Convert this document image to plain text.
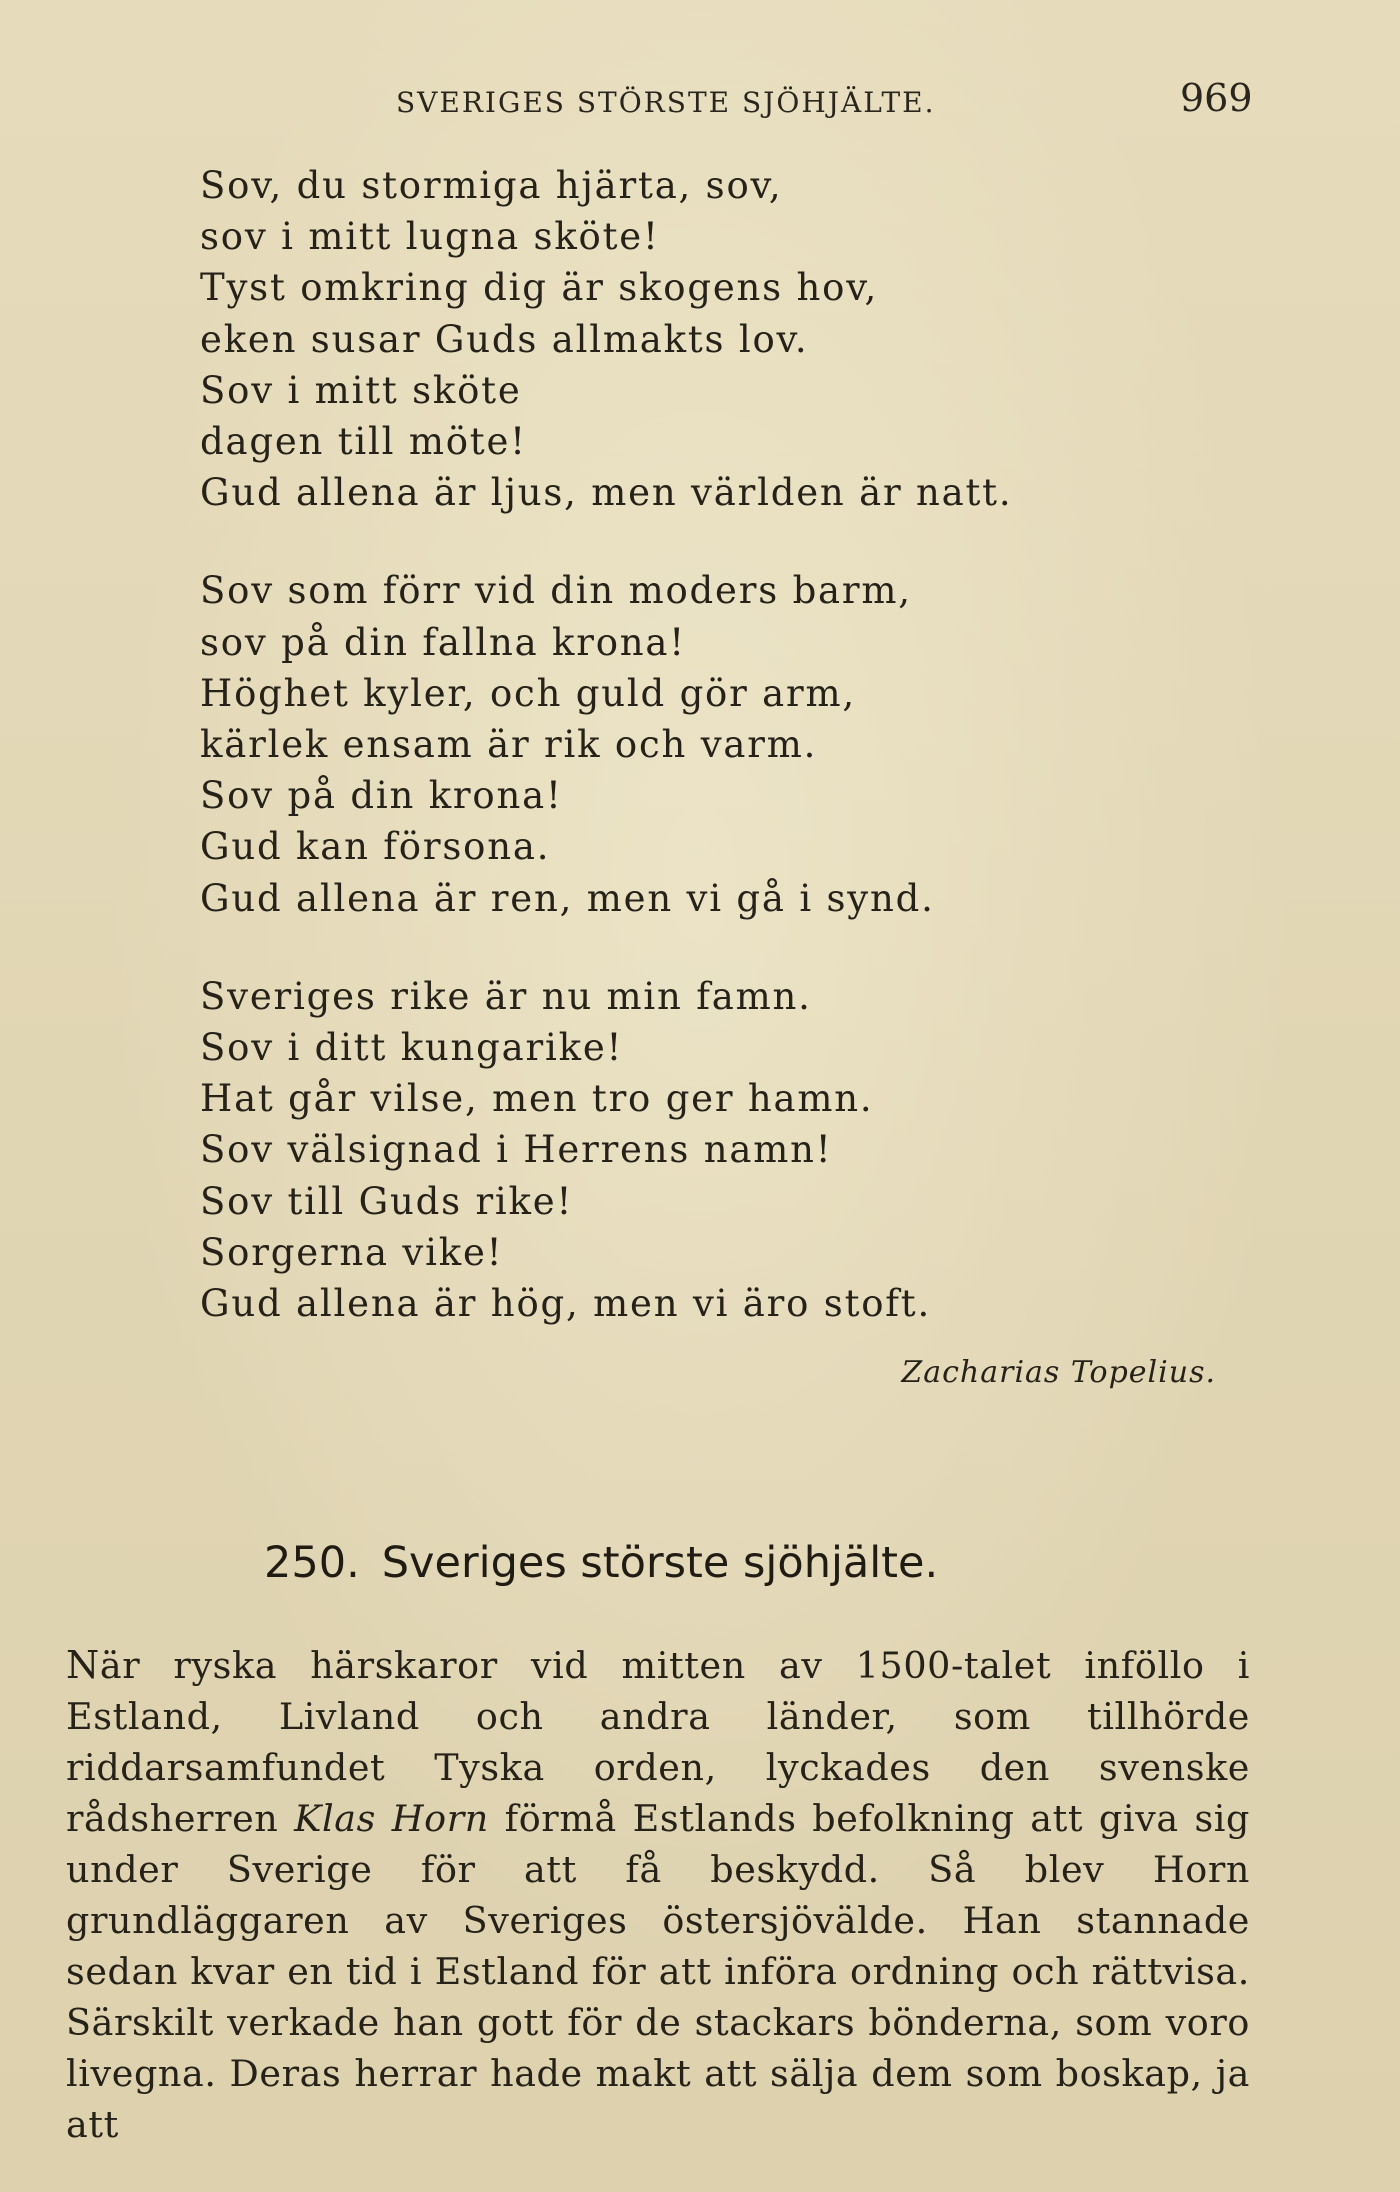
SVERIGES STÖRSTE SJÖHJÄLTE.	969
Sov, du stormiga hjärta, sov,
sov i mitt lugna sköte!
Tyst omkring dig är skogens hov,
eken susar Guds allmakts lov.
Sov i mitt sköte
dagen till möte!
Gud allena är ljus, men världen är natt.
Sov som förr vid din moders barm,
sov på din fallna krona!
Höghet kyler, och guld gör arm,
kärlek ensam är rik och varm.
Sov på din krona!
Gud kan försona.
Gud allena är ren, men vi gå i synd.
Sveriges rike är nu min famn.
Sov i ditt kungarike!
Hat går vilse, men tro ger hamn.
Sov välsignad i Herrens namn!
Sov till Guds rike!
Sorgerna vike!
Gud allena är hög, men vi äro stoft.
Zacharias Topelius.
250. Sveriges störste sjöhjälte.

När ryska härskaror vid mitten av 1500-talet inföllo i Estland, Livland och andra länder, som tillhörde riddarsamfundet Tyska orden, lyckades den svenske rådsherren Klas Horn förmå Estlands befolkning att giva sig under Sverige för att få beskydd. Så blev Horn grundläggaren av Sveriges östersjövälde. Han stannade sedan kvar en tid i Estland för att införa ordning och rättvisa. Särskilt verkade han gott för de stackars bönderna, som voro livegna. Deras herrar hade makt att sälja dem som boskap, ja att
